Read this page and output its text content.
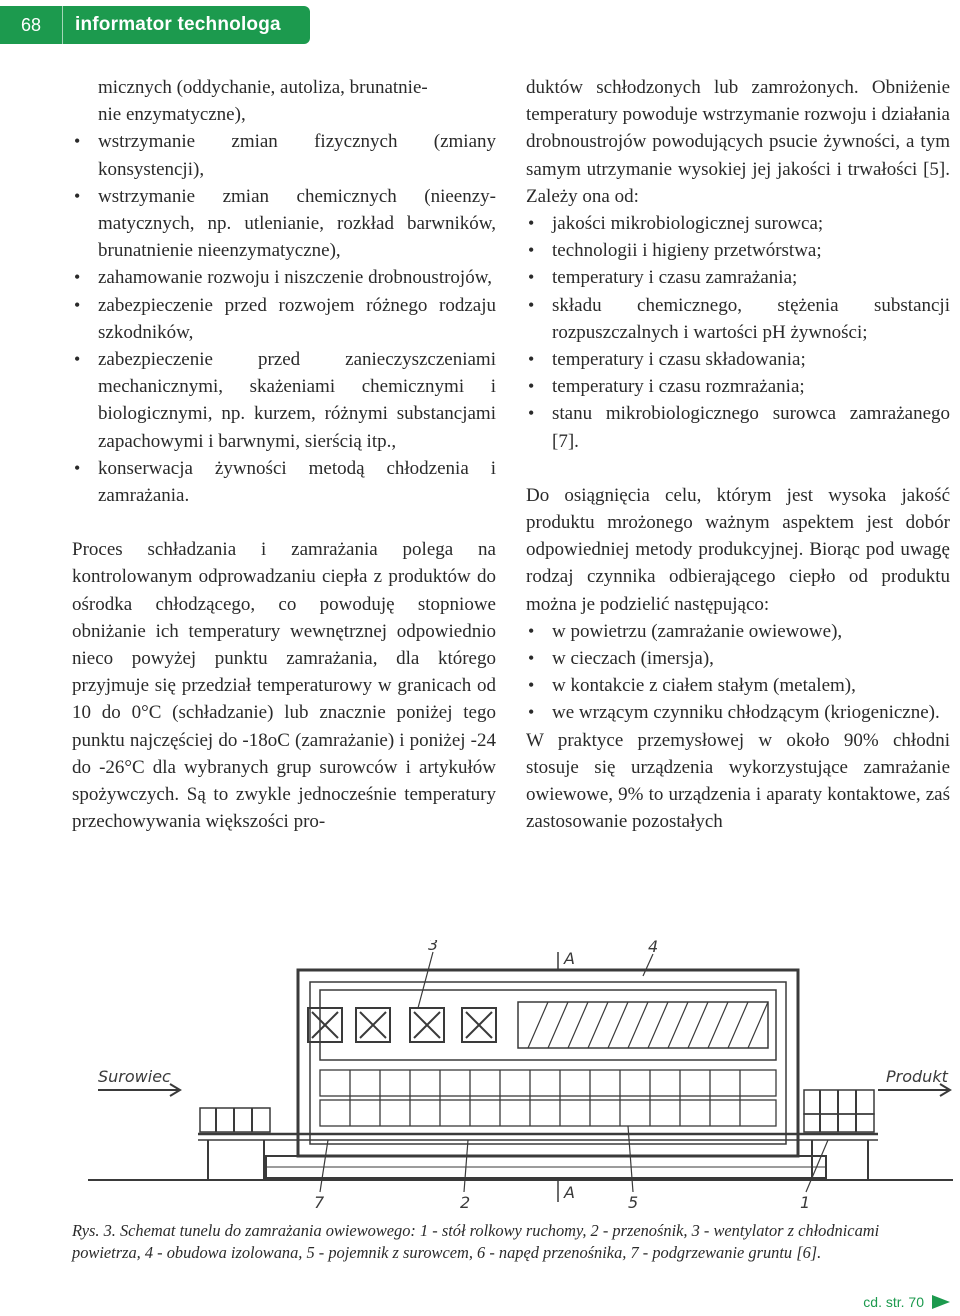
68	informator technologa

micznych (oddychanie, autoliza, brunatnie-
nie enzymatyczne),

• wstrzymanie zmian fizycznych (zmiany konsystencji),
• wstrzymanie zmian chemicznych (nieenzymatycznych, np. utlenianie, rozkład barwników, brunatnienie nieenzymatyczne),
• zahamowanie rozwoju i niszczenie drobnoustrojów,
• zabezpieczenie przed rozwojem różnego rodzaju szkodników,
• zabezpieczenie przed zanieczyszczeniami mechanicznymi, skażeniami chemicznymi i biologicznymi, np. kurzem, różnymi substancjami zapachowymi i barwnymi, sierścią itp.,
• konserwacja żywności metodą chłodzenia i zamrażania.

Proces schładzania i zamrażania polega na kontrolowanym odprowadzaniu ciepła z produktów do ośrodka chłodzącego, co powoduję stopniowe obniżanie ich temperatury wewnętrznej odpowiednio nieco powyżej punktu zamrażania, dla którego przyjmuje się przedział temperaturowy w granicach od 10 do 0°C (schładzanie) lub znacznie poniżej tego punktu najczęściej do -18oC (zamrażanie) i poniżej -24 do -26°C dla wybranych grup surowców i artykułów spożywczych. Są to zwykle jednocześnie temperatury przechowywania większości pro-

duktów schłodzonych lub zamrożonych. Obniżenie temperatury powoduje wstrzymanie rozwoju i działania drobnoustrojów powodujących psucie żywności, a tym samym utrzymanie wysokiej jej jakości i trwałości [5]. Zależy ona od:

• jakości mikrobiologicznej surowca;
• technologii i higieny przetwórstwa;
• temperatury i czasu zamrażania;
• składu chemicznego, stężenia substancji rozpuszczalnych i wartości pH żywności;
• temperatury i czasu składowania;
• temperatury i czasu rozmrażania;
• stanu mikrobiologicznego surowca zamrażanego [7].

Do osiągnięcia celu, którym jest wysoka jakość produktu mrożonego ważnym aspektem jest dobór odpowiedniej metody produkcyjnej. Biorąc pod uwagę rodzaj czynnika odbierającego ciepło od produktu można je podzielić następująco:

• w powietrzu (zamrażanie owiewowe),
• w cieczach (imersja),
• w kontakcie z ciałem stałym (metalem),
• we wrzącym czynniku chłodzącym (kriogeniczne).

W praktyce przemysłowej w około 90% chłodni stosuje się urządzenia wykorzystujące zamrażanie owiewowe, 9% to urządzenia i aparaty kontaktowe, zaś zastosowanie pozostałych

Surowiec	Produkt
3
A
4
7	2
A
5	1
Rys. 3. Schemat tunelu do zamrażania owiewowego: 1 - stół rolkowy ruchomy, 2 - przenośnik, 3 - wentylator z chłodnicami powietrza, 4 - obudowa izolowana, 5 - pojemnik z surowcem, 6 - napęd przenośnika, 7 - podgrzewanie gruntu [6].
cd. str. 70
